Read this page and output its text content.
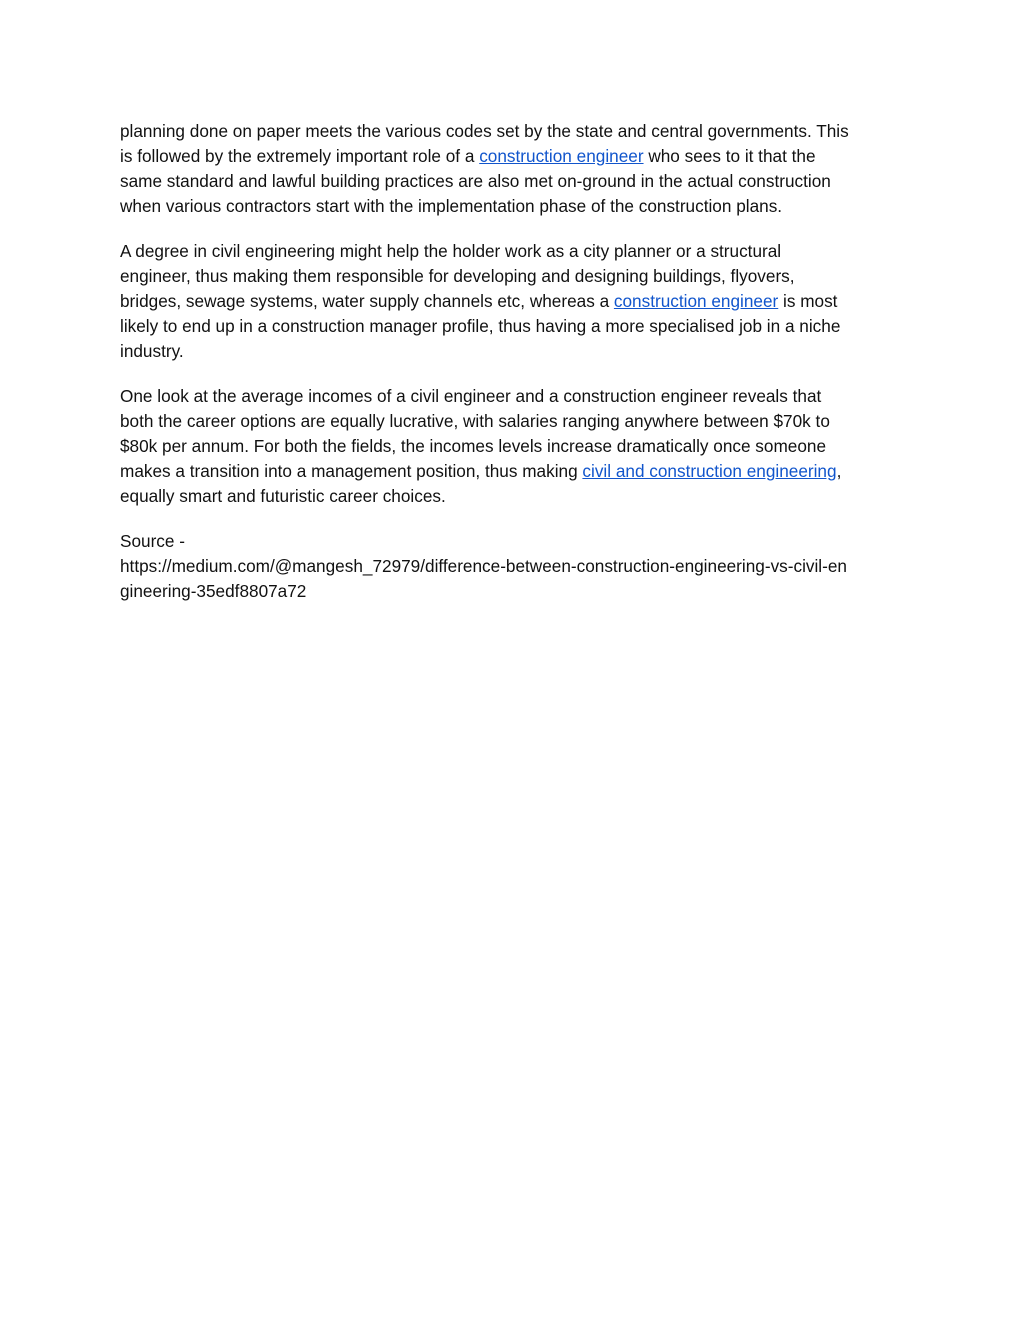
planning done on paper meets the various codes set by the state and central governments. This
is followed by the extremely important role of a construction engineer who sees to it that the
same standard and lawful building practices are also met on-ground in the actual construction
when various contractors start with the implementation phase of the construction plans.

A degree in civil engineering might help the holder work as a city planner or a structural
engineer, thus making them responsible for developing and designing buildings, flyovers,
bridges, sewage systems, water supply channels etc, whereas a construction engineer is most
likely to end up in a construction manager profile, thus having a more specialised job in a niche
industry.

One look at the average incomes of a civil engineer and a construction engineer reveals that
both the career options are equally lucrative, with salaries ranging anywhere between $70k to
$80k per annum. For both the fields, the incomes levels increase dramatically once someone
makes a transition into a management position, thus making civil and construction engineering,
equally smart and futuristic career choices.

Source -
https://medium.com/@mangesh_72979/difference-between-construction-engineering-vs-civil-en
gineering-35edf8807a72
